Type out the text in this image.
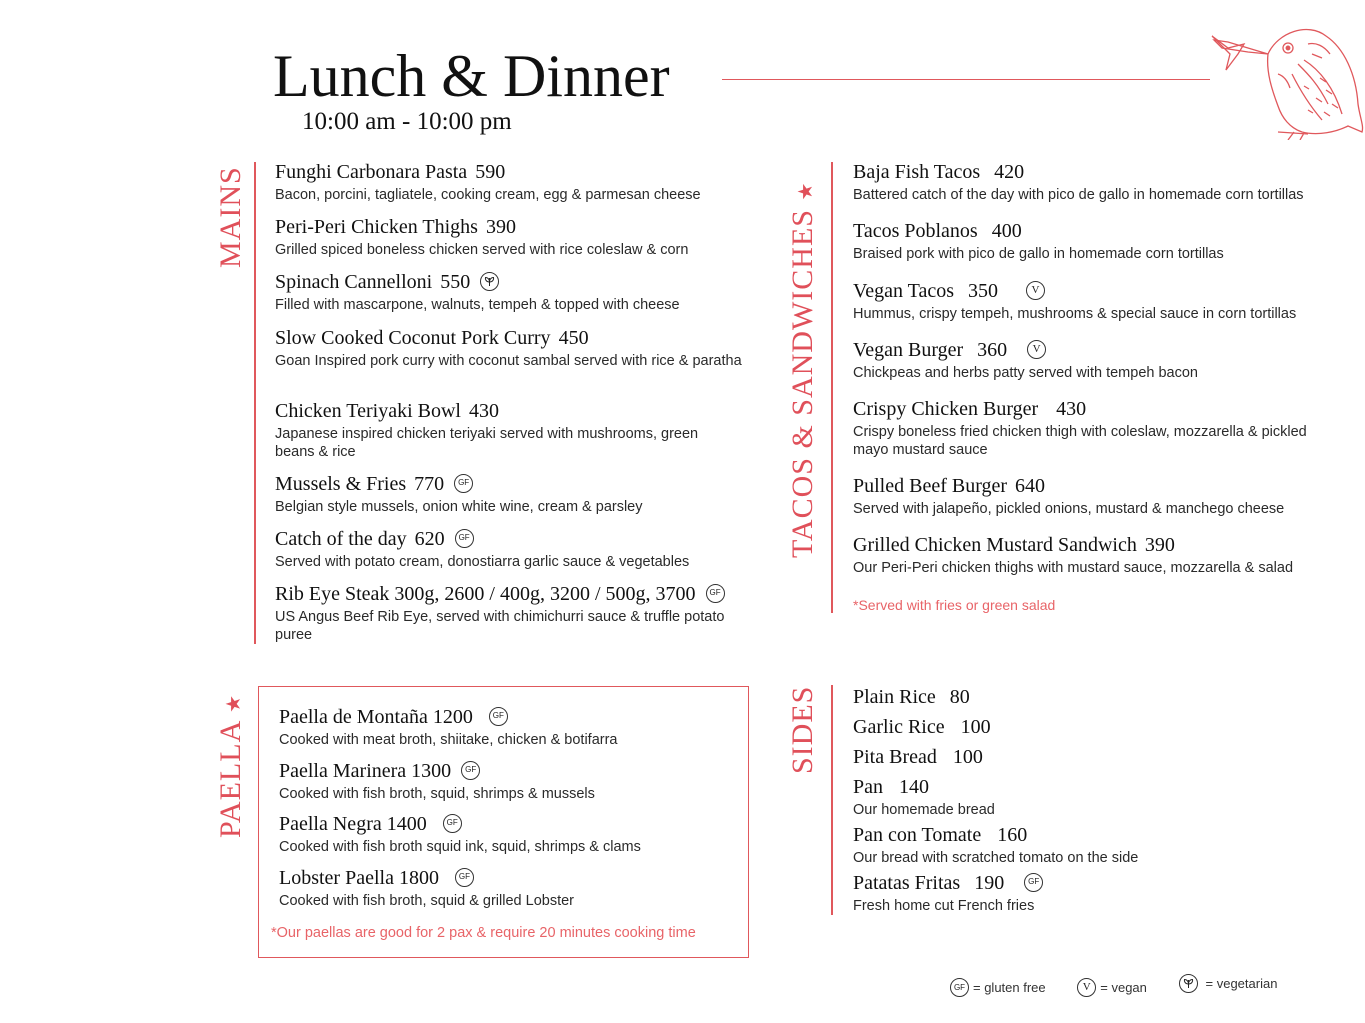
Lunch & Dinner
10:00 am - 10:00 pm
MAINS Funghi Carbonara Pasta 590
Bacon, porcini, tagliatele, cooking cream, egg & parmesan cheese
Peri-Peri Chicken Thighs 390
Grilled spiced boneless chicken served with rice coleslaw & corn
Spinach Cannelloni 550
Filled with mascarpone, walnuts, tempeh & topped with cheese
Slow Cooked Coconut Pork Curry 450
Goan Inspired pork curry with coconut sambal served with rice & paratha
Chicken Teriyaki Bowl 430
Japanese inspired chicken teriyaki served with mushrooms, green beans & rice
Mussels & Fries 770 GF
Belgian style mussels, onion white wine, cream & parsley
Catch of the day 620 GF
Served with potato cream, donostiarra garlic sauce & vegetables
Rib Eye Steak 300g, 2600 / 400g, 3200 / 500g, 3700 GF
US Angus Beef Rib Eye, served with chimichurri sauce & truffle potato puree
TACOS & SANDWICHES ★
Baja Fish Tacos 420
Battered catch of the day with pico de gallo in homemade corn tortillas
Tacos Poblanos 400
Braised pork with pico de gallo in homemade corn tortillas
Vegan Tacos 350	V
Hummus, crispy tempeh, mushrooms & special sauce in corn tortillas
Vegan Burger 360 V
Chickpeas and herbs patty served with tempeh bacon
Crispy Chicken Burger 430
Crispy boneless fried chicken thigh with coleslaw, mozzarella & pickled mayo mustard sauce
Pulled Beef Burger 640
Served with jalapeño, pickled onions, mustard & manchego cheese
Grilled Chicken Mustard Sandwich 390
Our Peri-Peri chicken thighs with mustard sauce, mozzarella & salad
*Served with fries or green salad
PAELLA ★
Paella de Montaña 1200 GF
Cooked with meat broth, shiitake, chicken & botifarra
Paella Marinera 1300 GF
Cooked with fish broth, squid, shrimps & mussels
Paella Negra 1400 GF
Cooked with fish broth squid ink, squid, shrimps & clams
Lobster Paella 1800 GF
Cooked with fish broth, squid & grilled Lobster
*Our paellas are good for 2 pax & require 20 minutes cooking time
SIDES Plain Rice 80
Garlic Rice 100
Pita Bread 100
Pan 140
Our homemade bread
Pan con Tomate 160
Our bread with scratched tomato on the side
Patatas Fritas 190	GF
Fresh home cut French fries
GF = gluten free
	V = vegan
	= vegetarian
